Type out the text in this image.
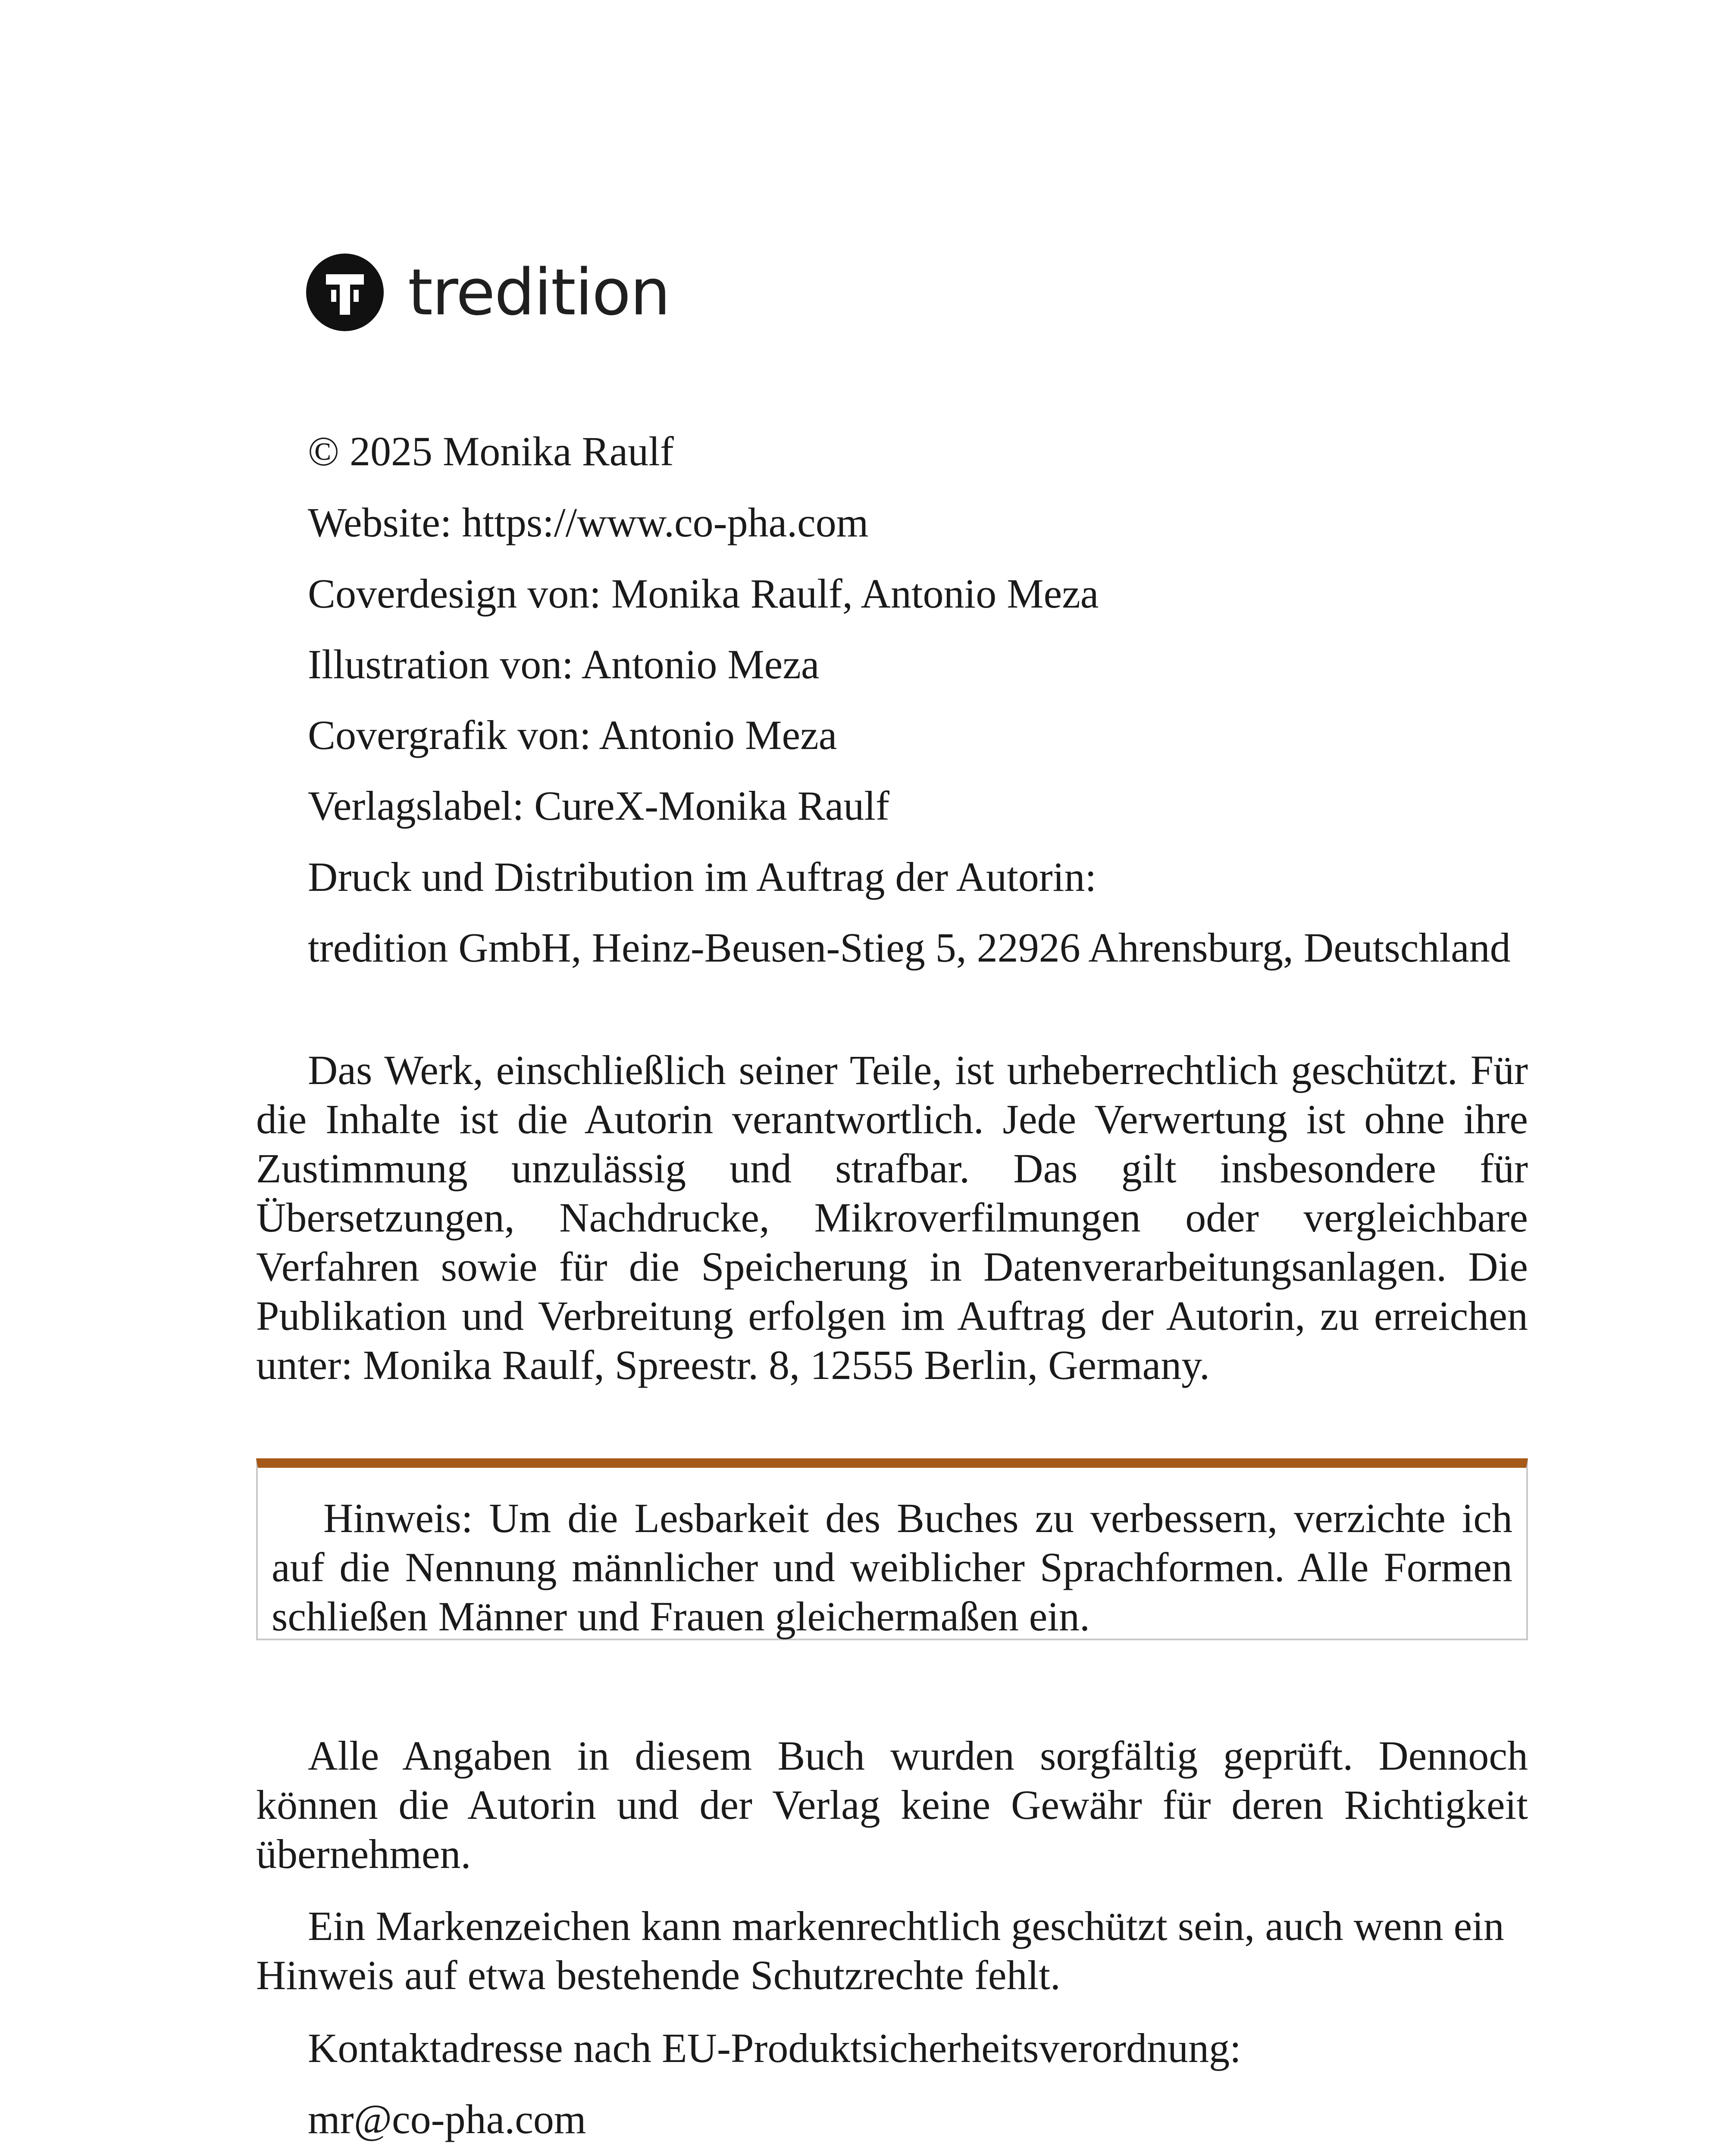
tredition
© 2025 Monika Raulf
Website: https://www.co-pha.com
Coverdesign von: Monika Raulf, Antonio Meza
Illustration von: Antonio Meza
Covergrafik von: Antonio Meza
Verlagslabel: CureX-Monika Raulf
Druck und Distribution im Auftrag der Autorin:
tredition GmbH, Heinz-Beusen-Stieg 5, 22926 Ahrensburg, Deutschland
Das Werk, einschließlich seiner Teile, ist urheberrechtlich geschützt. Für die Inhalte ist die Autorin verantwortlich. Jede Verwertung ist ohne ihre Zustimmung unzulässig und strafbar. Das gilt insbesondere für Übersetzungen, Nachdrucke, Mikroverfilmungen oder vergleichbare Verfahren sowie für die Speicherung in Datenverarbeitungsanlagen. Die Publikation und Verbreitung erfolgen im Auftrag der Autorin, zu erreichen unter: Monika Raulf, Spreestr. 8, 12555 Berlin, Germany.
Alle Angaben in diesem Buch wurden sorgfältig geprüft. Dennoch können die Autorin und der Verlag keine Gewähr für deren Richtigkeit übernehmen.
Ein Markenzeichen kann markenrechtlich geschützt sein, auch wenn ein Hinweis auf etwa bestehende Schutzrechte fehlt.
Kontaktadresse nach EU-Produktsicherheitsverordnung:
mr@co-pha.com
Hinweis: Um die Lesbarkeit des Buches zu verbessern, verzichte ich auf die Nennung männlicher und weiblicher Sprachformen. Alle Formen schließen Männer und Frauen gleichermaßen ein.
